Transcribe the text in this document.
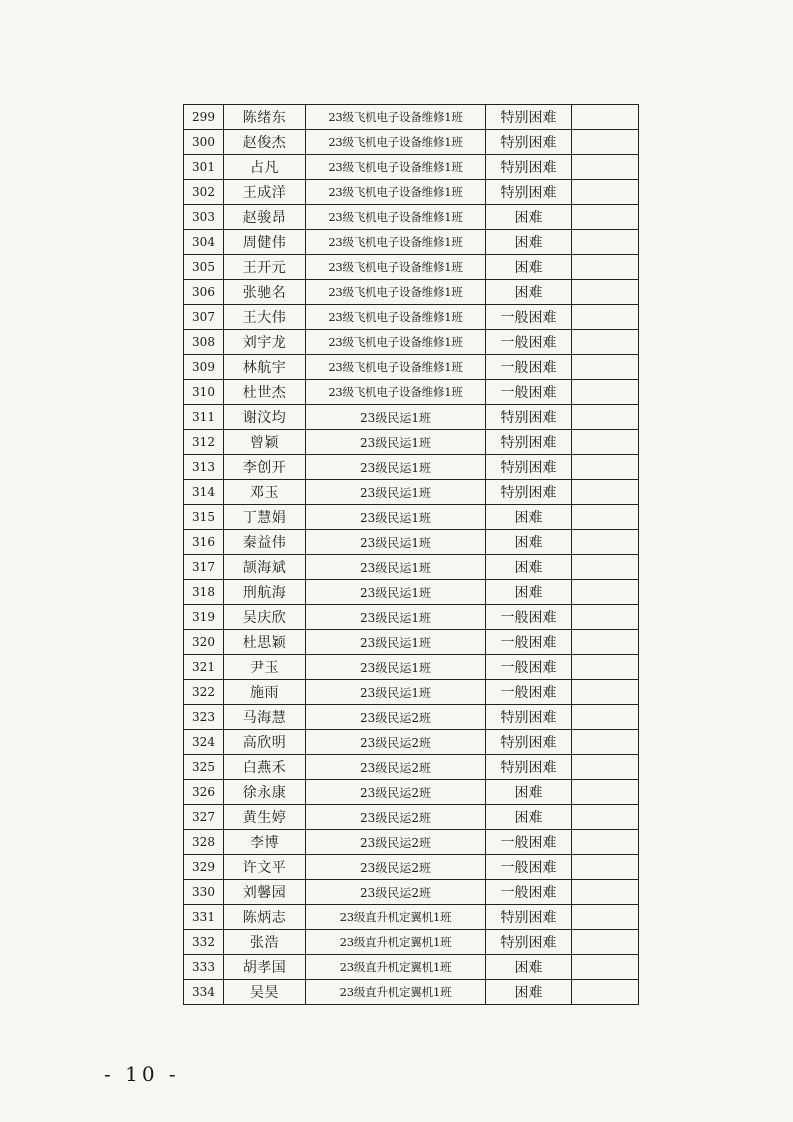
299	陈绪东	23级飞机电子设备维修1班	特别困难	
300	赵俊杰	23级飞机电子设备维修1班	特别困难	
301	占凡	23级飞机电子设备维修1班	特别困难	
302	王成洋	23级飞机电子设备维修1班	特别困难	
303	赵骏昂	23级飞机电子设备维修1班	困难	
304	周健伟	23级飞机电子设备维修1班	困难	
305	王开元	23级飞机电子设备维修1班	困难	
306	张驰名	23级飞机电子设备维修1班	困难	
307	王大伟	23级飞机电子设备维修1班	一般困难	
308	刘宇龙	23级飞机电子设备维修1班	一般困难	
309	林航宇	23级飞机电子设备维修1班	一般困难	
310	杜世杰	23级飞机电子设备维修1班	一般困难	
311	谢汶均	23级民运1班	特别困难	
312	曾颖	23级民运1班	特别困难	
313	李创开	23级民运1班	特别困难	
314	邓玉	23级民运1班	特别困难	
315	丁慧娟	23级民运1班	困难	
316	秦益伟	23级民运1班	困难	
317	颉海斌	23级民运1班	困难	
318	刑航海	23级民运1班	困难	
319	吴庆欣	23级民运1班	一般困难	
320	杜思颖	23级民运1班	一般困难	
321	尹玉	23级民运1班	一般困难	
322	施雨	23级民运1班	一般困难	
323	马海慧	23级民运2班	特别困难	
324	高欣明	23级民运2班	特别困难	
325	白燕禾	23级民运2班	特别困难	
326	徐永康	23级民运2班	困难	
327	黄生婷	23级民运2班	困难	
328	李博	23级民运2班	一般困难	
329	许文平	23级民运2班	一般困难	
330	刘馨园	23级民运2班	一般困难	
331	陈炳志	23级直升机定翼机1班	特别困难	
332	张浩	23级直升机定翼机1班	特别困难	
333	胡孝国	23级直升机定翼机1班	困难	
334	吴昊	23级直升机定翼机1班	困难	
- 10 -
